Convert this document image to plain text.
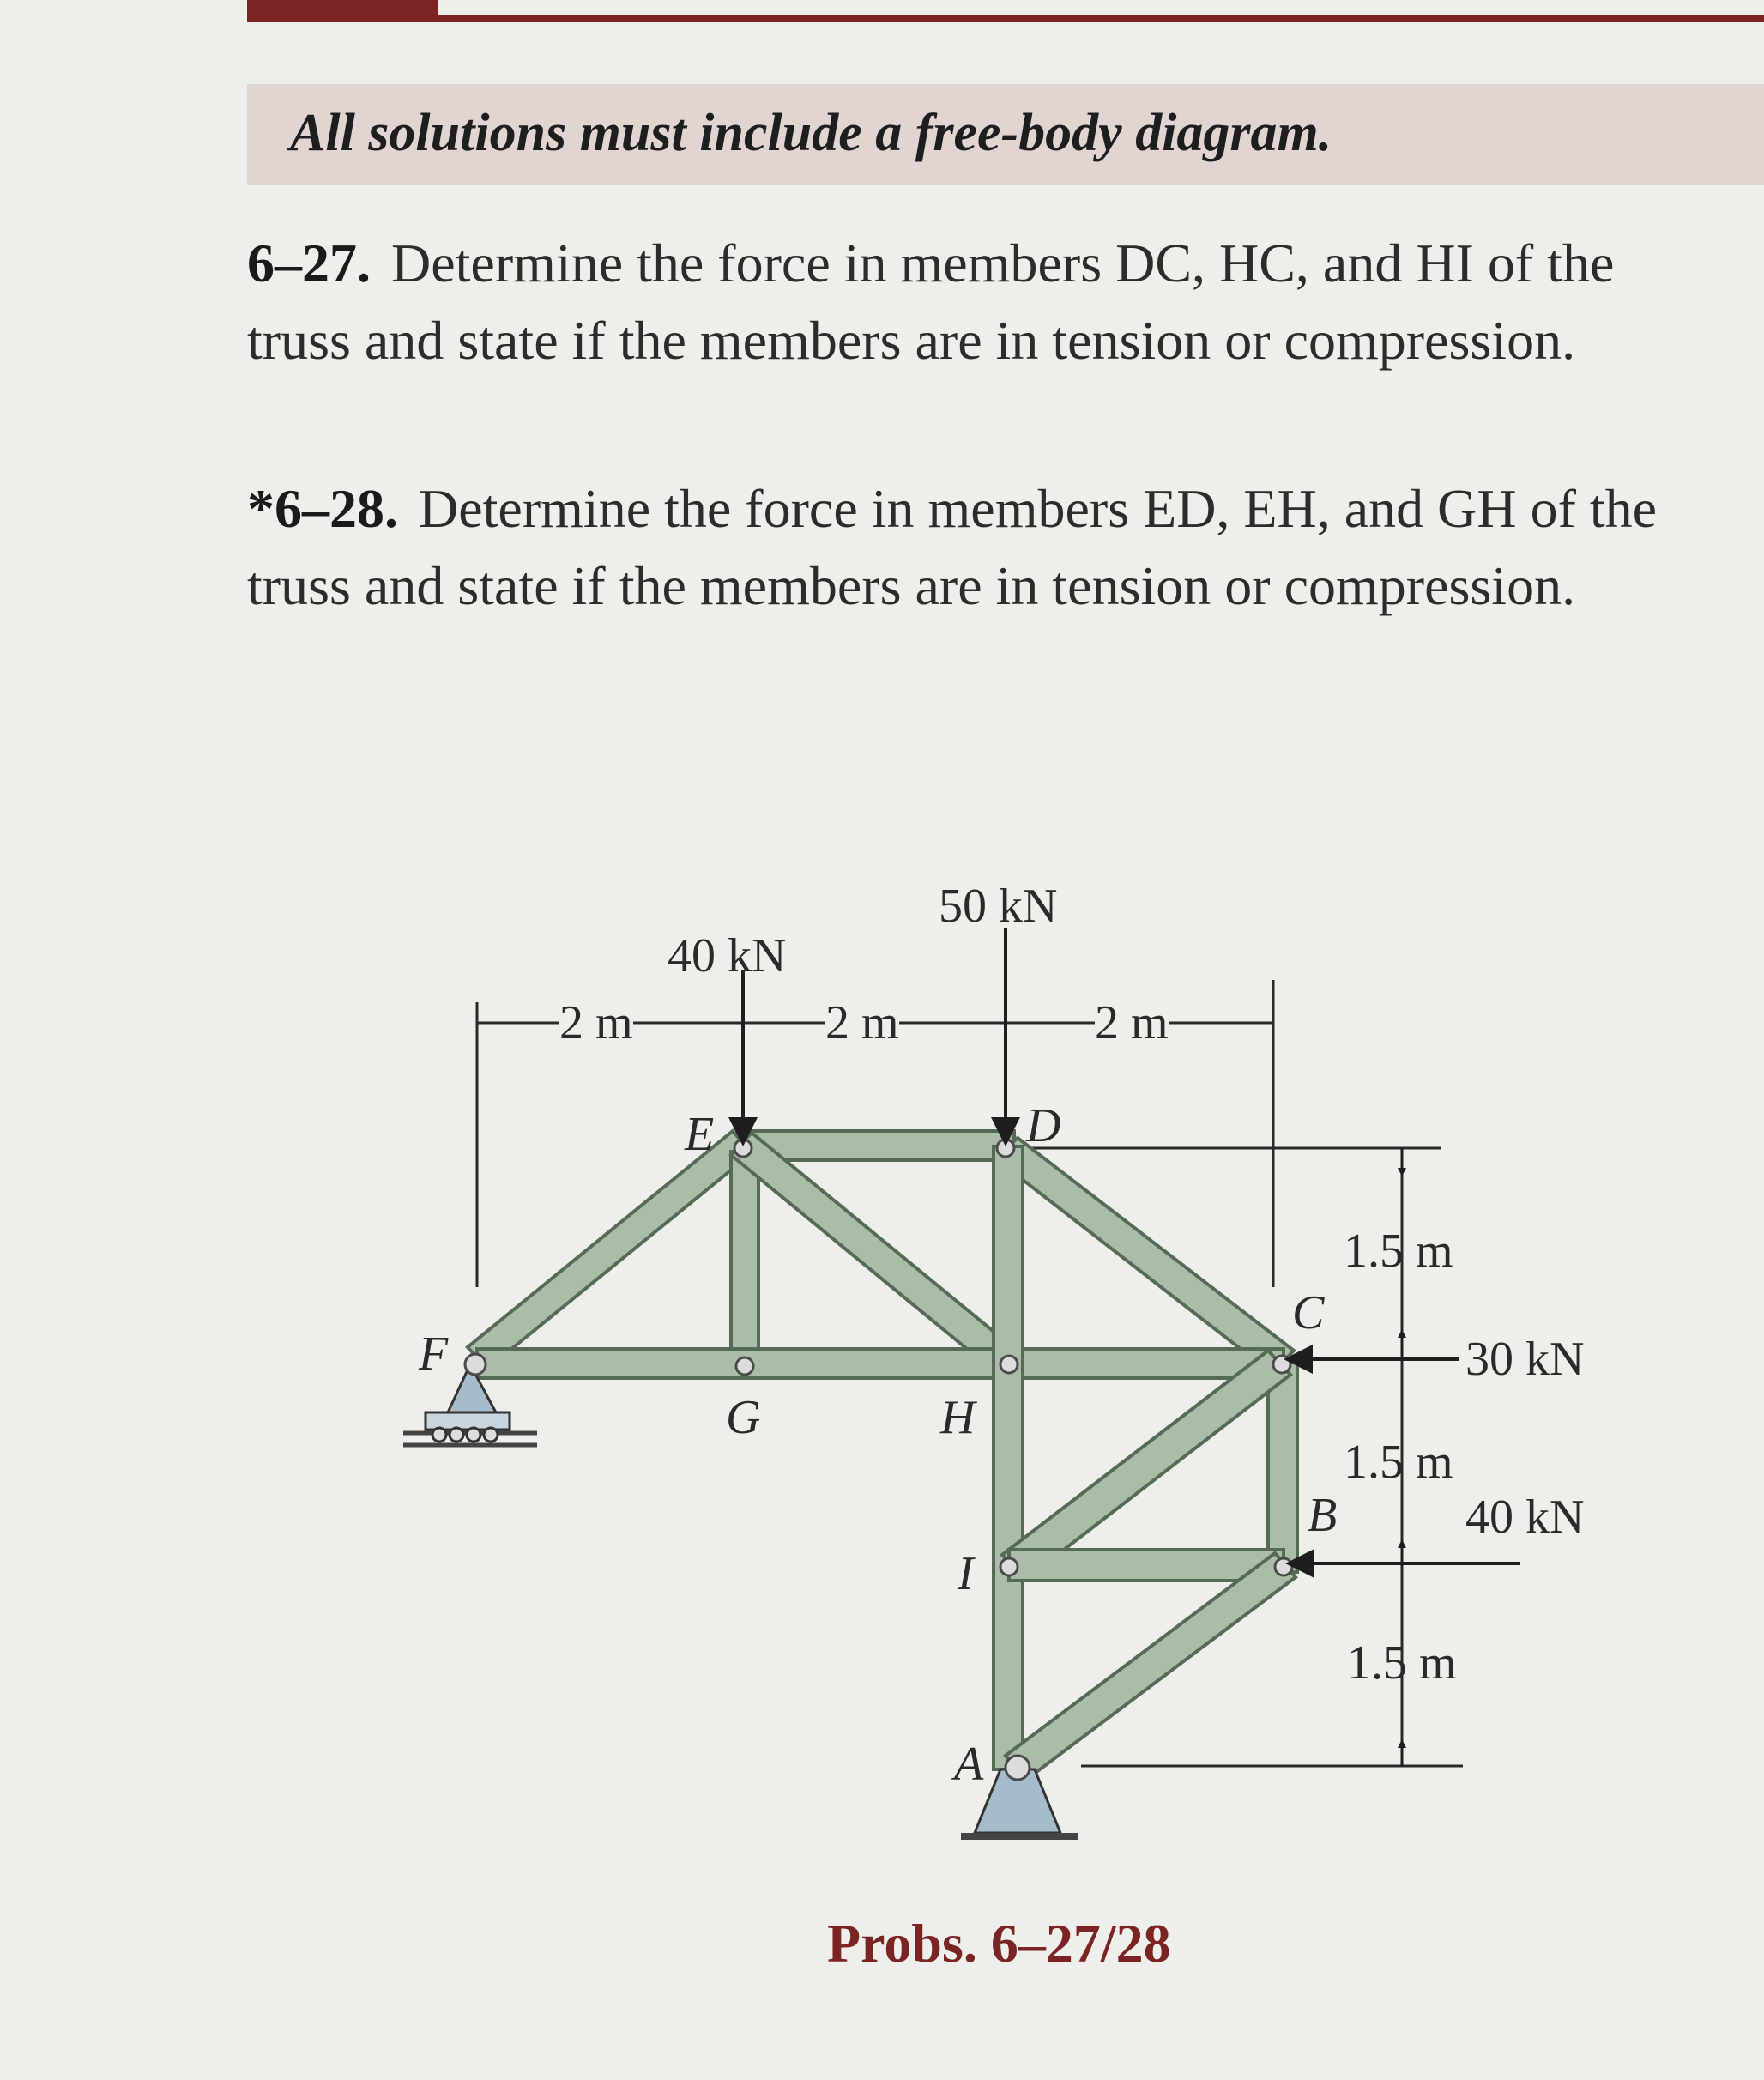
All solutions must include a free-body diagram.
6–27. Determine the force in members DC, HC, and HI of the truss and state if the members are in tension or compression.
*6–28. Determine the force in members ED, EH, and GH of the truss and state if the members are in tension or compression.
40 kN
50 kN
30 kN
40 kN
2 m	2 m	2 m
1.5 m
1.5 m
1.5 m
F
E	D
G	H
C
B
I
A
Probs. 6–27/28
